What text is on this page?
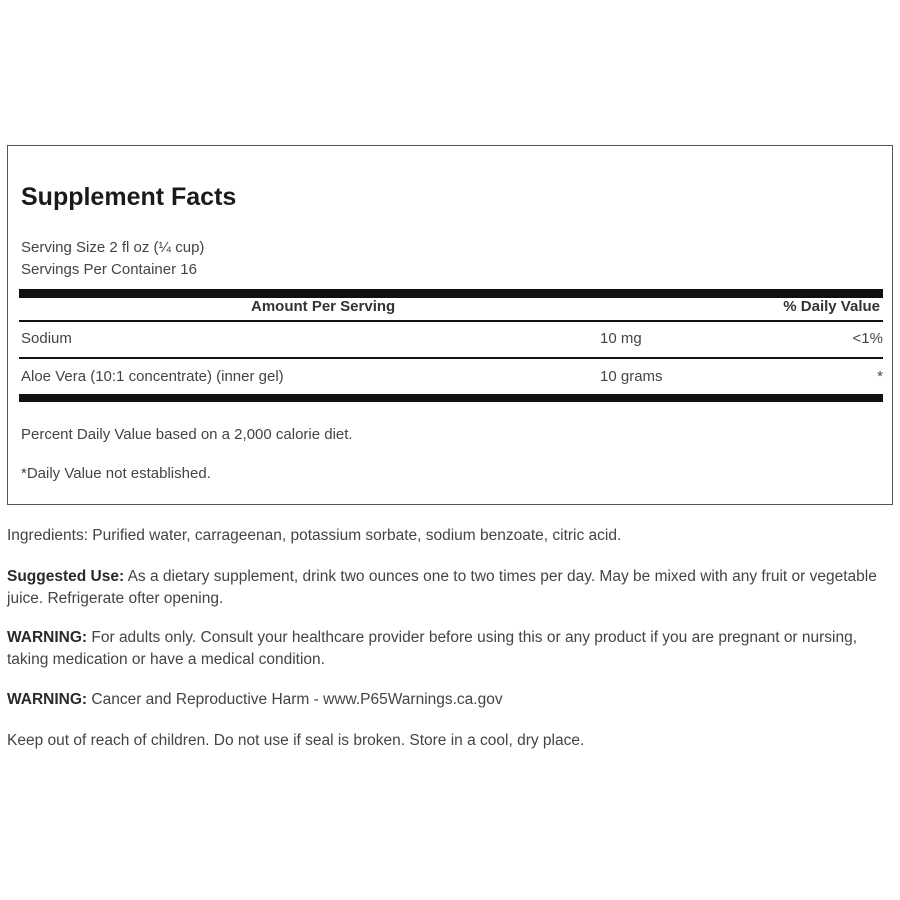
Supplement Facts
Serving Size 2 fl oz (¼ cup)
Servings Per Container 16
Amount Per Serving	% Daily Value
Sodium	10 mg	<1%
Aloe Vera (10:1 concentrate) (inner gel)	10 grams	*
Percent Daily Value based on a 2,000 calorie diet.
*Daily Value not established.

Ingredients: Purified water, carrageenan, potassium sorbate, sodium benzoate, citric acid.

Suggested Use: As a dietary supplement, drink two ounces one to two times per day. May be mixed with any fruit or vegetable juice. Refrigerate ofter opening.

WARNING: For adults only. Consult your healthcare provider before using this or any product if you are pregnant or nursing, taking medication or have a medical condition.

WARNING: Cancer and Reproductive Harm - www.P65Warnings.ca.gov

Keep out of reach of children. Do not use if seal is broken. Store in a cool, dry place.
